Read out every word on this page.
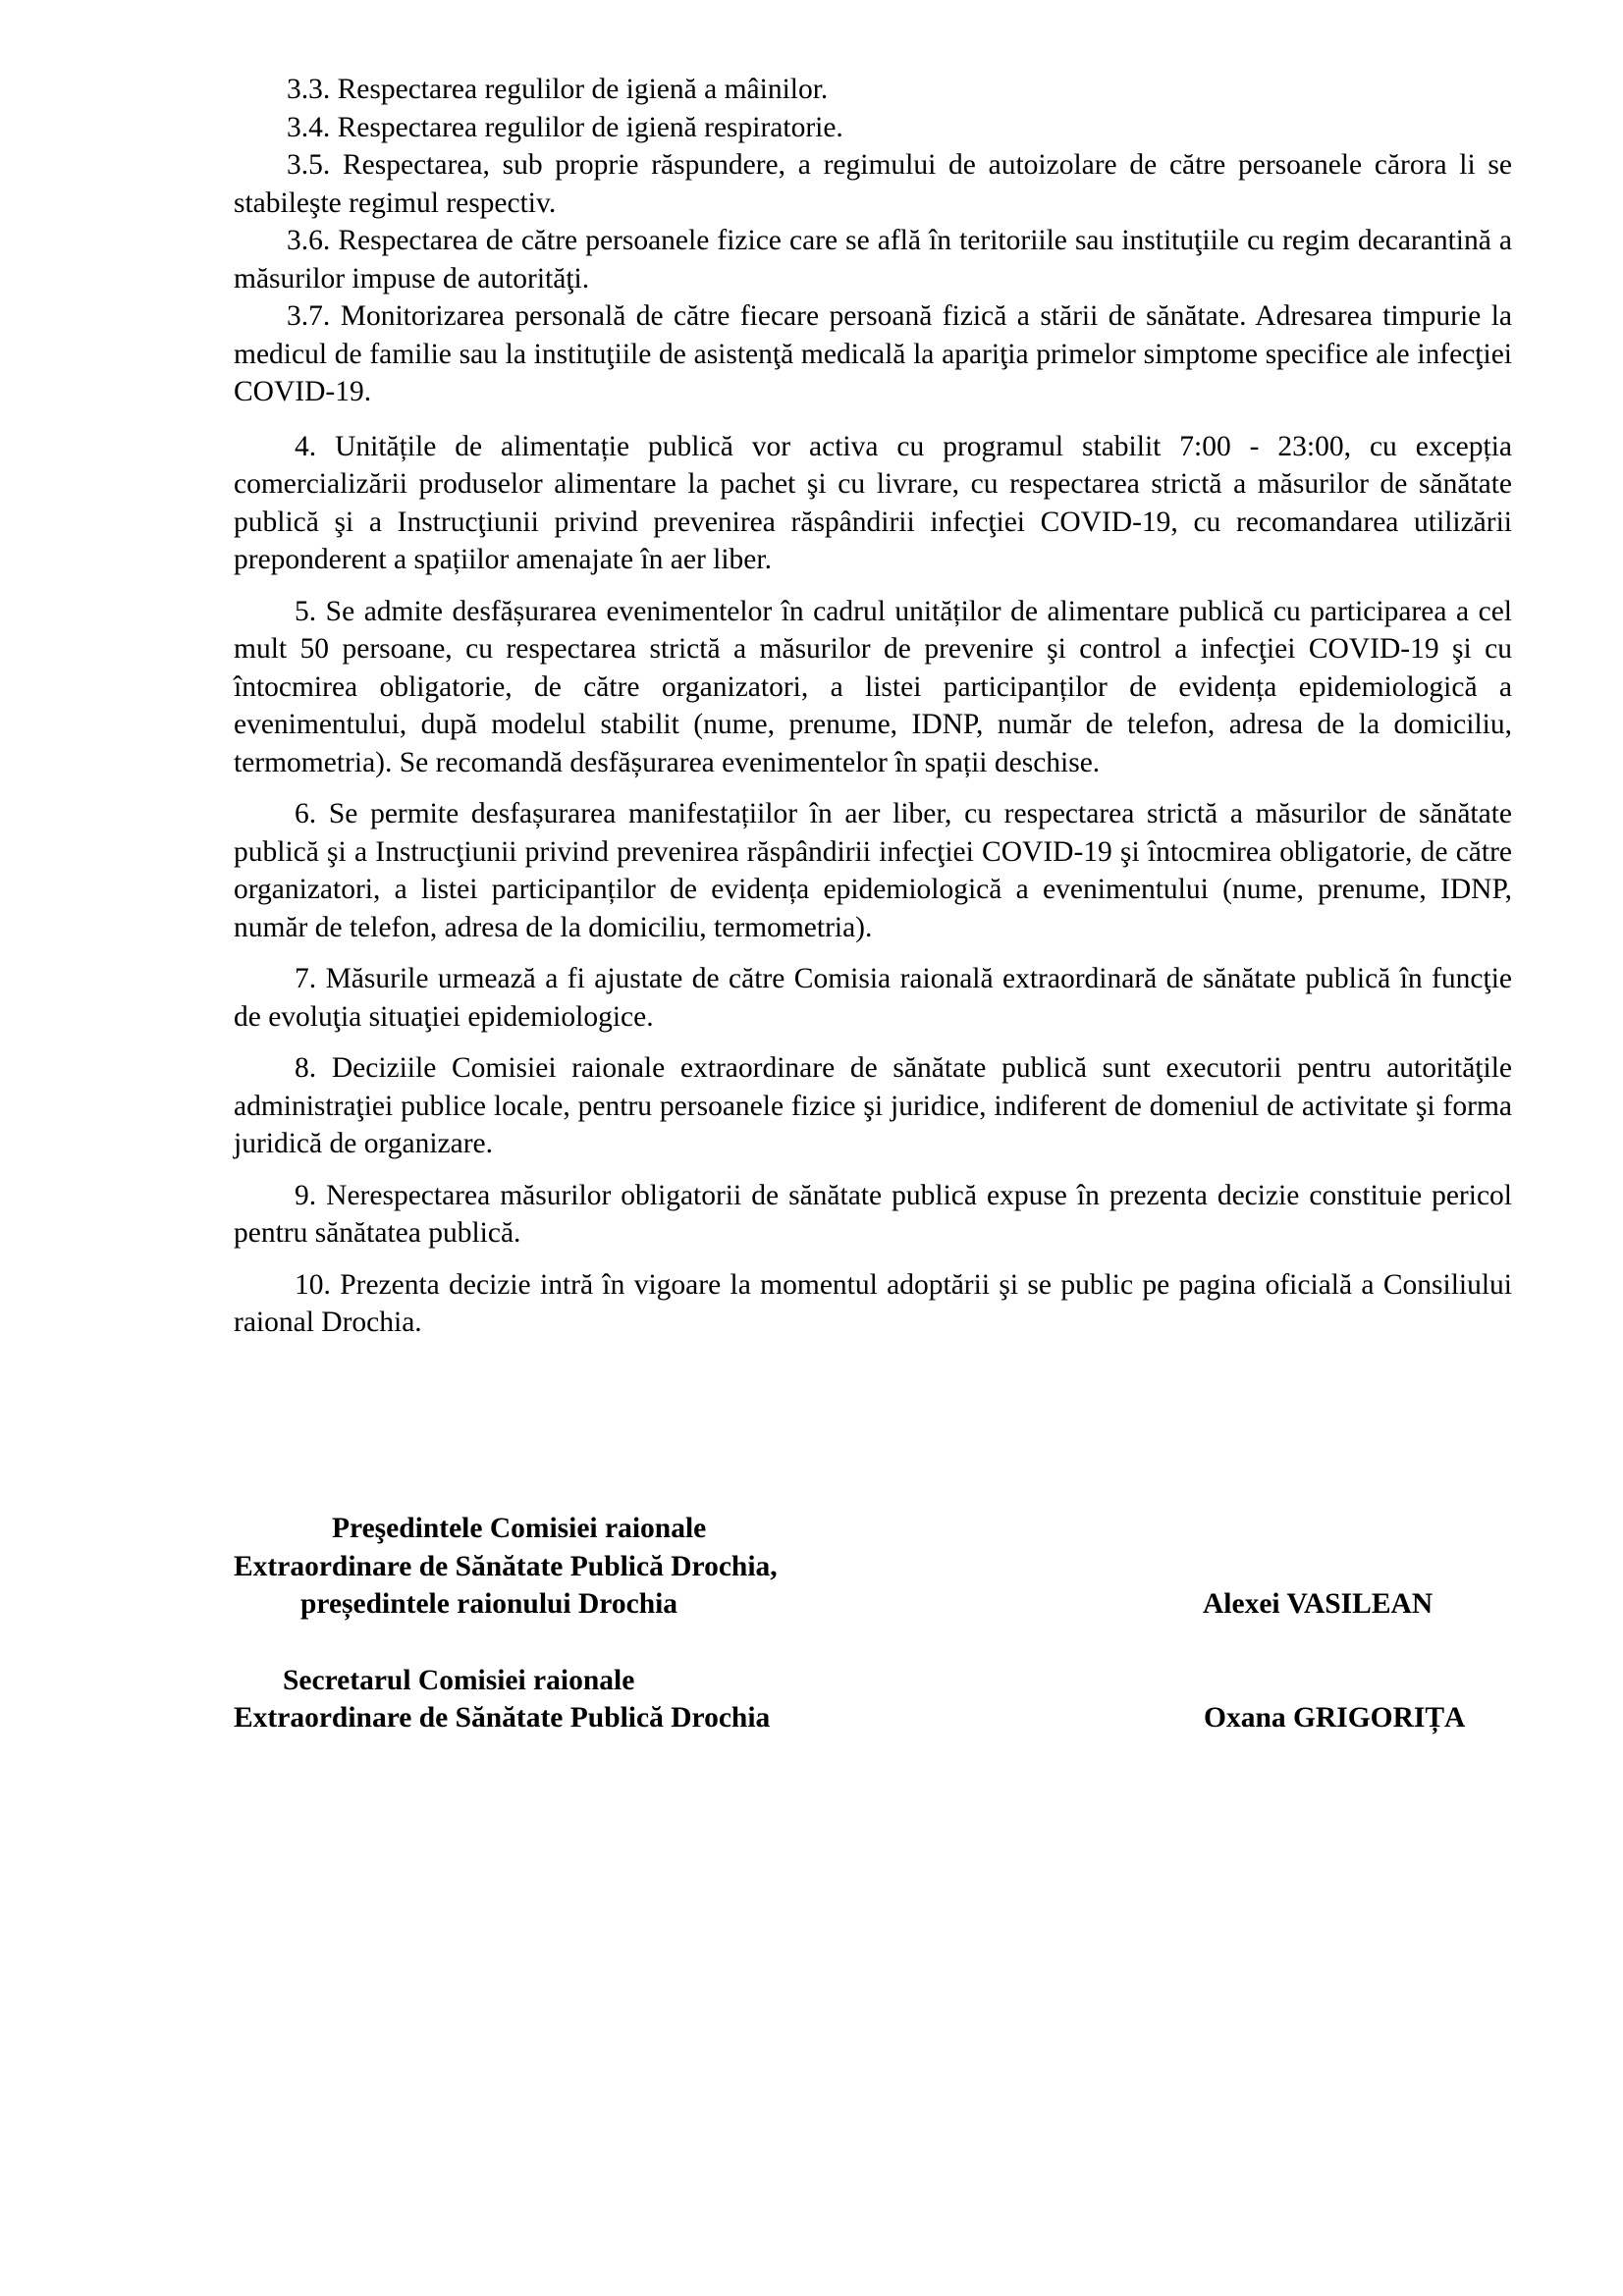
3.3. Respectarea regulilor de igienă a mâinilor.

3.4. Respectarea regulilor de igienă respiratorie.

3.5. Respectarea, sub proprie răspundere, a regimului de autoizolare de către persoanele cărora li se stabileşte regimul respectiv.

3.6. Respectarea de către persoanele fizice care se află în teritoriile sau instituţiile cu regim decarantină a măsurilor impuse de autorităţi.

3.7. Monitorizarea personală de către fiecare persoană fizică a stării de sănătate. Adresarea timpurie la medicul de familie sau la instituţiile de asistenţă medicală la apariţia primelor simptome specifice ale infecţiei COVID-19.

4. Unitățile de alimentație publică vor activa cu programul stabilit 7:00 - 23:00, cu excepția comercializării produselor alimentare la pachet şi cu livrare, cu respectarea strictă a măsurilor de sănătate publică şi a Instrucţiunii privind prevenirea răspândirii infecţiei COVID-19, cu recomandarea utilizării preponderent a spațiilor amenajate în aer liber.

5. Se admite desfășurarea evenimentelor în cadrul unităților de alimentare publică cu participarea a cel mult 50 persoane, cu respectarea strictă a măsurilor de prevenire şi control a infecţiei COVID-19 şi cu întocmirea obligatorie, de către organizatori, a listei participanților de evidența epidemiologică a evenimentului, după modelul stabilit (nume, prenume, IDNP, număr de telefon, adresa de la domiciliu, termometria). Se recomandă desfășurarea evenimentelor în spații deschise.

6. Se permite desfașurarea manifestațiilor în aer liber, cu respectarea strictă a măsurilor de sănătate publică şi a Instrucţiunii privind prevenirea răspândirii infecţiei COVID-19 şi întocmirea obligatorie, de către organizatori, a listei participanților de evidența epidemiologică a evenimentului (nume, prenume, IDNP, număr de telefon, adresa de la domiciliu, termometria).

7. Măsurile urmează a fi ajustate de către Comisia raională extraordinară de sănătate publică în funcţie de evoluţia situaţiei epidemiologice.

8. Deciziile Comisiei raionale extraordinare de sănătate publică sunt executorii pentru autorităţile administraţiei publice locale, pentru persoanele fizice şi juridice, indiferent de domeniul de activitate şi forma juridică de organizare.

9. Nerespectarea măsurilor obligatorii de sănătate publică expuse în prezenta decizie constituie pericol pentru sănătatea publică.

10. Prezenta decizie intră în vigoare la momentul adoptării şi se public pe pagina oficială a Consiliului raional Drochia.

Preşedintele Comisiei raionale

Extraordinare de Sănătate Publică Drochia,

președintele raionului Drochia	Alexei VASILEAN

Secretarul Comisiei raionale

Extraordinare de Sănătate Publică Drochia	Oxana GRIGORIȚA
